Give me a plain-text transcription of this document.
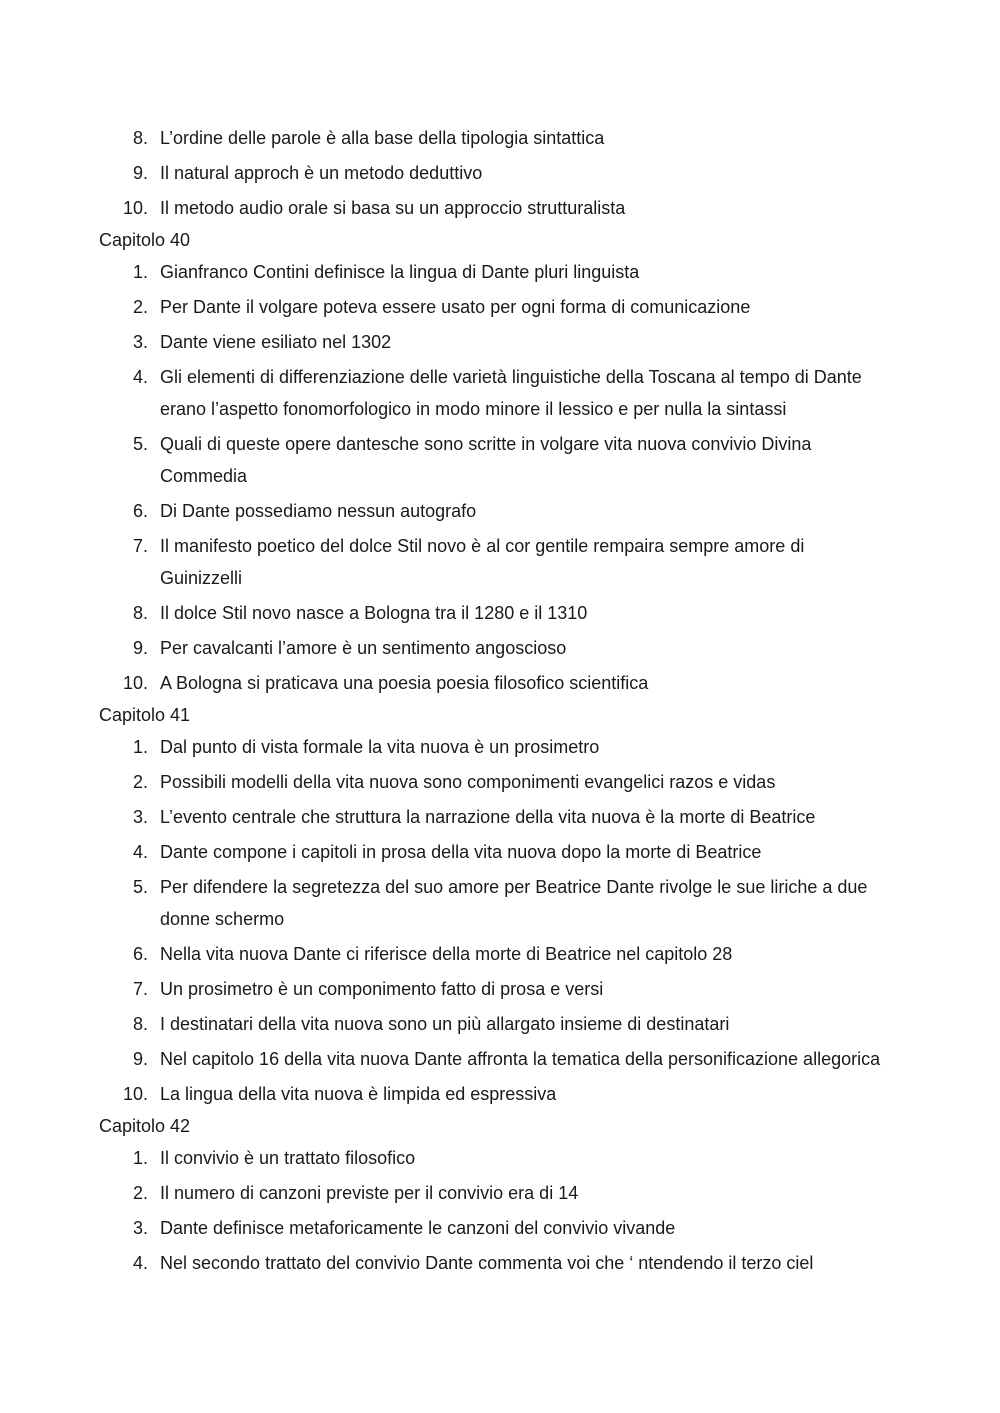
8. L’ordine delle parole è alla base della tipologia sintattica
9. Il natural approch è un metodo deduttivo
10. Il metodo audio orale si basa su un approccio strutturalista
Capitolo 40
1. Gianfranco Contini definisce la lingua di Dante pluri linguista
2. Per Dante il volgare poteva essere usato per ogni forma di comunicazione
3. Dante viene esiliato nel 1302
4. Gli elementi di differenziazione delle varietà linguistiche della Toscana al tempo di Dante erano l’aspetto fonomorfologico in modo minore il lessico e per nulla la sintassi
5. Quali di queste opere dantesche sono scritte in volgare vita nuova convivio Divina Commedia
6. Di Dante possediamo nessun autografo
7. Il manifesto poetico del dolce Stil novo è al cor gentile rempaira sempre amore di Guinizzelli
8. Il dolce Stil novo nasce a Bologna tra il 1280 e il 1310
9. Per cavalcanti l’amore è un sentimento angoscioso
10. A Bologna si praticava una poesia poesia filosofico scientifica
Capitolo 41
1. Dal punto di vista formale la vita nuova è un prosimetro
2. Possibili modelli della vita nuova sono componimenti evangelici razos e vidas
3. L’evento centrale che struttura la narrazione della vita nuova è la morte di Beatrice
4. Dante compone i capitoli in prosa della vita nuova dopo la morte di Beatrice
5. Per difendere la segretezza del suo amore per Beatrice Dante rivolge le sue liriche a due donne schermo
6. Nella vita nuova Dante ci riferisce della morte di Beatrice nel capitolo 28
7. Un prosimetro è un componimento fatto di prosa e versi
8. I destinatari della vita nuova sono un più allargato insieme di destinatari
9. Nel capitolo 16 della vita nuova Dante affronta la tematica della personificazione allegorica
10. La lingua della vita nuova è limpida ed espressiva
Capitolo 42
1. Il convivio è un trattato filosofico
2. Il numero di canzoni previste per il convivio era di 14
3. Dante definisce metaforicamente le canzoni del convivio vivande
4. Nel secondo trattato del convivio Dante commenta voi che ‘ ntendendo il terzo ciel
